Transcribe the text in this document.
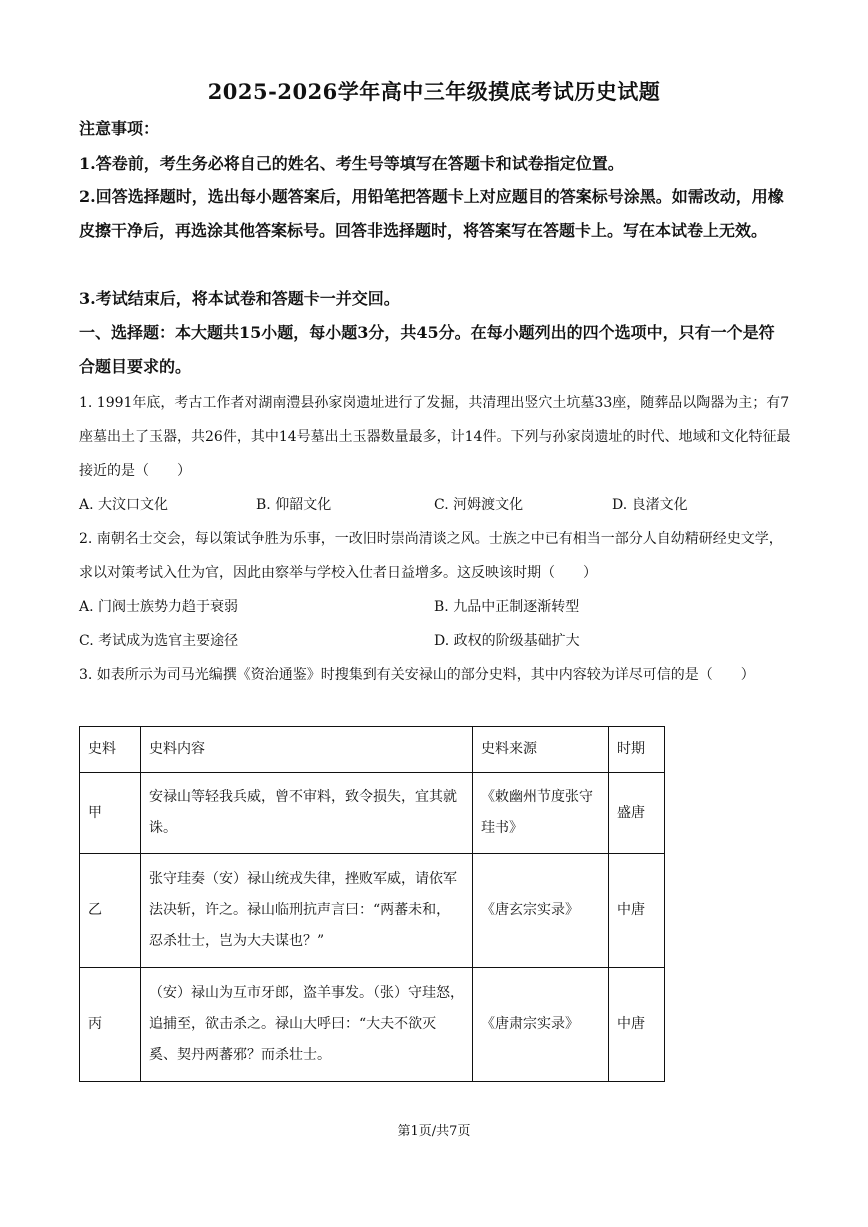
2025-2026学年高中三年级摸底考试历史试题
注意事项：
1.答卷前，考生务必将自己的姓名、考生号等填写在答题卡和试卷指定位置。
2.回答选择题时，选出每小题答案后，用铅笔把答题卡上对应题目的答案标号涂黑。如需改动，用橡皮擦干净后，再选涂其他答案标号。回答非选择题时，将答案写在答题卡上。写在本试卷上无效。
3.考试结束后，将本试卷和答题卡一并交回。
一、选择题：本大题共15小题，每小题3分，共45分。在每小题列出的四个选项中，只有一个是符合题目要求的。
1. 1991年底，考古工作者对湖南澧县孙家岗遗址进行了发掘，共清理出竖穴土坑墓33座，随葬品以陶器为主；有7座墓出土了玉器，共26件，其中14号墓出土玉器数量最多，计14件。下列与孙家岗遗址的时代、地域和文化特征最接近的是（　　）
A. 大汶口文化	B. 仰韶文化	C. 河姆渡文化	D. 良渚文化
2. 南朝名士交会，每以策试争胜为乐事，一改旧时崇尚清谈之风。士族之中已有相当一部分人自幼精研经史文学，求以对策考试入仕为官，因此由察举与学校入仕者日益增多。这反映该时期（　　）
A. 门阀士族势力趋于衰弱	B. 九品中正制逐渐转型
C. 考试成为选官主要途径	D. 政权的阶级基础扩大
3. 如表所示为司马光编撰《资治通鉴》时搜集到有关安禄山的部分史料，其中内容较为详尽可信的是（　　）
史料	史料内容	史料来源	时期
甲	安禄山等轻我兵威，曾不审料，致令损失，宜其就诛。	《敕幽州节度张守珪书》	盛唐
乙	张守珪奏（安）禄山统戎失律，挫败军威，请依军法决斩，许之。禄山临刑抗声言曰：“两蕃未和，忍杀壮士，岂为大夫谋也？”	《唐玄宗实录》	中唐
丙	（安）禄山为互市牙郎，盗羊事发。（张）守珪怒，追捕至，欲击杀之。禄山大呼曰：“大夫不欲灭奚、契丹两蕃邪？而杀壮士。	《唐肃宗实录》	中唐
第1页/共7页
